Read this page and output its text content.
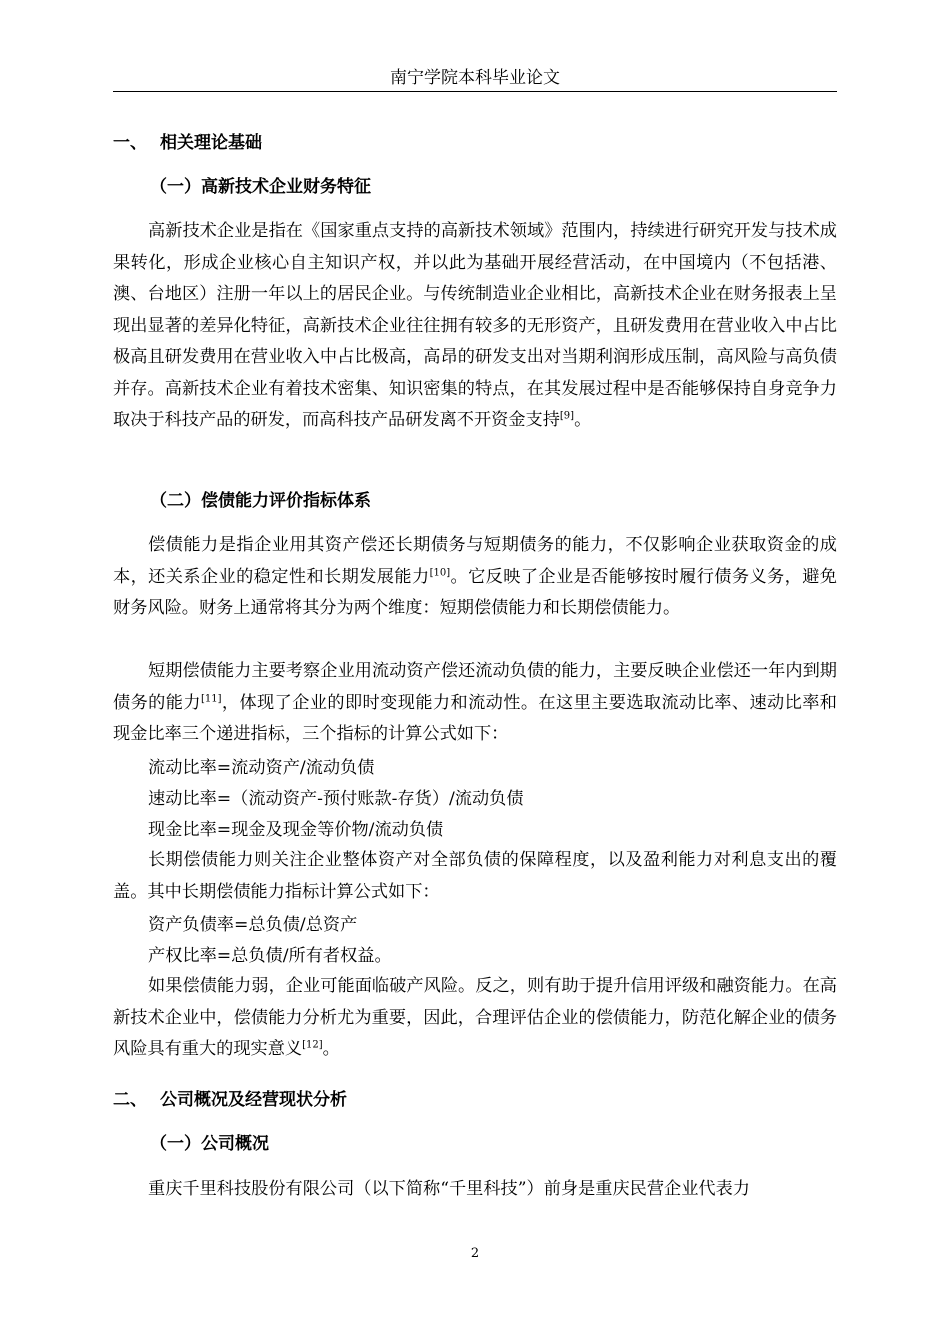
南宁学院本科毕业论文
一、 相关理论基础
（一）高新技术企业财务特征

高新技术企业是指在《国家重点支持的高新技术领域》范围内，持续进行研究开发与技术成果转化，形成企业核心自主知识产权，并以此为基础开展经营活动，在中国境内（不包括港、澳、台地区）注册一年以上的居民企业。与传统制造业企业相比，高新技术企业在财务报表上呈现出显著的差异化特征，高新技术企业往往拥有较多的无形资产，且研发费用在营业收入中占比极高且研发费用在营业收入中占比极高，高昂的研发支出对当期利润形成压制，高风险与高负债并存。高新技术企业有着技术密集、知识密集的特点，在其发展过程中是否能够保持自身竞争力取决于科技产品的研发，而高科技产品研发离不开资金支持[9]。

（二）偿债能力评价指标体系

偿债能力是指企业用其资产偿还长期债务与短期债务的能力，不仅影响企业获取资金的成本，还关系企业的稳定性和长期发展能力[10]。它反映了企业是否能够按时履行债务义务，避免财务风险。财务上通常将其分为两个维度：短期偿债能力和长期偿债能力。

短期偿债能力主要考察企业用流动资产偿还流动负债的能力，主要反映企业偿还一年内到期债务的能力[11]，体现了企业的即时变现能力和流动性。在这里主要选取流动比率、速动比率和现金比率三个递进指标，三个指标的计算公式如下：

流动比率=流动资产/流动负债

速动比率=（流动资产-预付账款-存货）/流动负债

现金比率=现金及现金等价物/流动负债

长期偿债能力则关注企业整体资产对全部负债的保障程度，以及盈利能力对利息支出的覆盖。其中长期偿债能力指标计算公式如下：

资产负债率=总负债/总资产

产权比率=总负债/所有者权益。

如果偿债能力弱，企业可能面临破产风险。反之，则有助于提升信用评级和融资能力。在高新技术企业中，偿债能力分析尤为重要，因此，合理评估企业的偿债能力，防范化解企业的债务风险具有重大的现实意义[12]。

二、 公司概况及经营现状分析
（一）公司概况

重庆千里科技股份有限公司（以下简称“千里科技”）前身是重庆民营企业代表力

2
